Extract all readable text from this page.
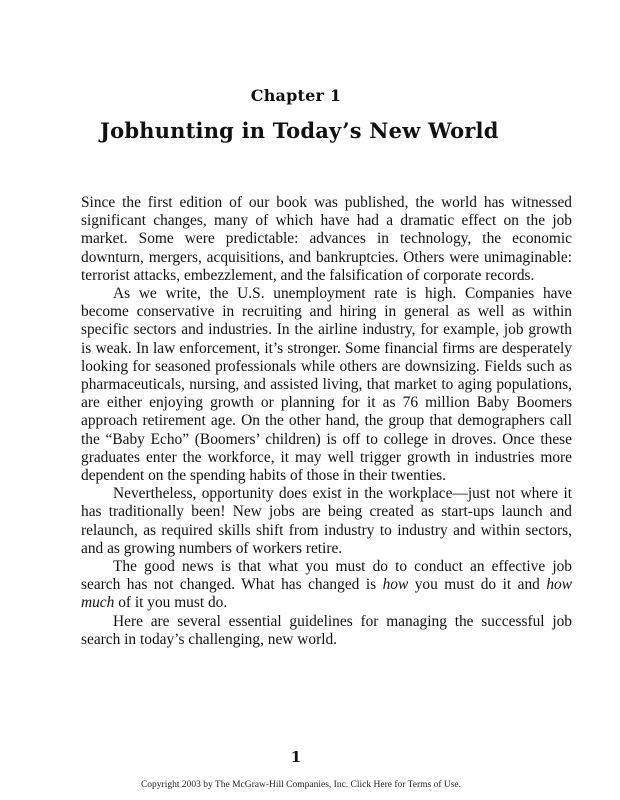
Chapter 1
Jobhunting in Today’s New World

Since the first edition of our book was published, the world has witnessed significant changes, many of which have had a dramatic effect on the job market. Some were predictable: advances in technology, the economic downturn, mergers, acquisitions, and bankruptcies. Others were unimaginable: terrorist attacks, embezzlement, and the falsification of corporate records.

As we write, the U.S. unemployment rate is high. Companies have become conservative in recruiting and hiring in general as well as within specific sectors and industries. In the airline industry, for example, job growth is weak. In law enforcement, it’s stronger. Some financial firms are desperately looking for seasoned professionals while others are downsizing. Fields such as pharmaceuticals, nursing, and assisted living, that market to aging populations, are either enjoying growth or planning for it as 76 million Baby Boomers approach retirement age. On the other hand, the group that demographers call the “Baby Echo” (Boomers’ children) is off to college in droves. Once these graduates enter the workforce, it may well trigger growth in industries more dependent on the spending habits of those in their twenties.

Nevertheless, opportunity does exist in the workplace—just not where it has traditionally been! New jobs are being created as start-ups launch and relaunch, as required skills shift from industry to industry and within sectors, and as growing numbers of workers retire.

The good news is that what you must do to conduct an effective job search has not changed. What has changed is how you must do it and how much of it you must do.

Here are several essential guidelines for managing the successful job search in today’s challenging, new world.

1
Copyright 2003 by The McGraw-Hill Companies, Inc. Click Here for Terms of Use.
